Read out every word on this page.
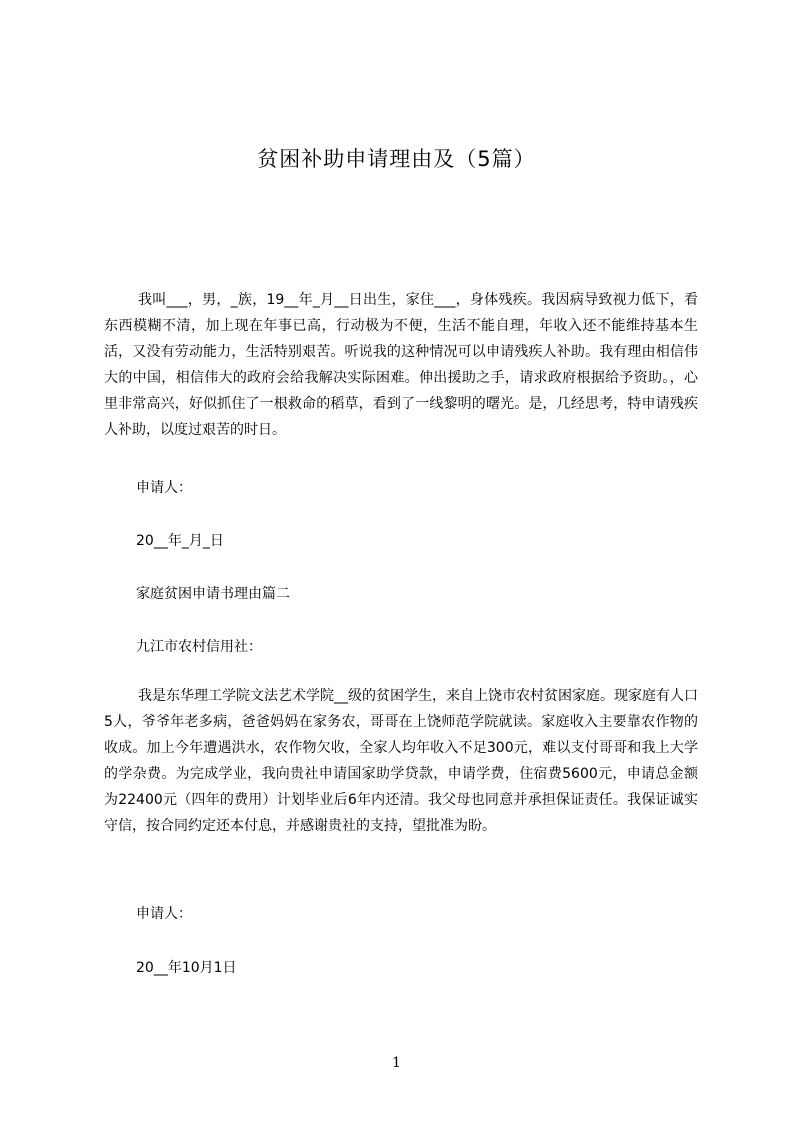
贫困补助申请理由及（5篇）
我叫___，男，_族，19__年_月__日出生，家住___，身体残疾。我因病导致视力低下，看东西模糊不清，加上现在年事已高，行动极为不便，生活不能自理，年收入还不能维持基本生活，又没有劳动能力，生活特别艰苦。听说我的这种情况可以申请残疾人补助。我有理由相信伟大的中国，相信伟大的政府会给我解决实际困难。伸出援助之手，请求政府根据给予资助。，心里非常高兴，好似抓住了一根救命的稻草，看到了一线黎明的曙光。是，几经思考，特申请残疾人补助，以度过艰苦的时日。
申请人：
20__年_月_日
家庭贫困申请书理由篇二
九江市农村信用社：
我是东华理工学院文法艺术学院__级的贫困学生，来自上饶市农村贫困家庭。现家庭有人口5人，爷爷年老多病，爸爸妈妈在家务农，哥哥在上饶师范学院就读。家庭收入主要靠农作物的收成。加上今年遭遇洪水，农作物欠收，全家人均年收入不足300元，难以支付哥哥和我上大学的学杂费。为完成学业，我向贵社申请国家助学贷款，申请学费，住宿费5600元，申请总金额为22400元（四年的费用）计划毕业后6年内还清。我父母也同意并承担保证责任。我保证诚实守信，按合同约定还本付息，并感谢贵社的支持，望批准为盼。
申请人：
20__年10月1日
1
